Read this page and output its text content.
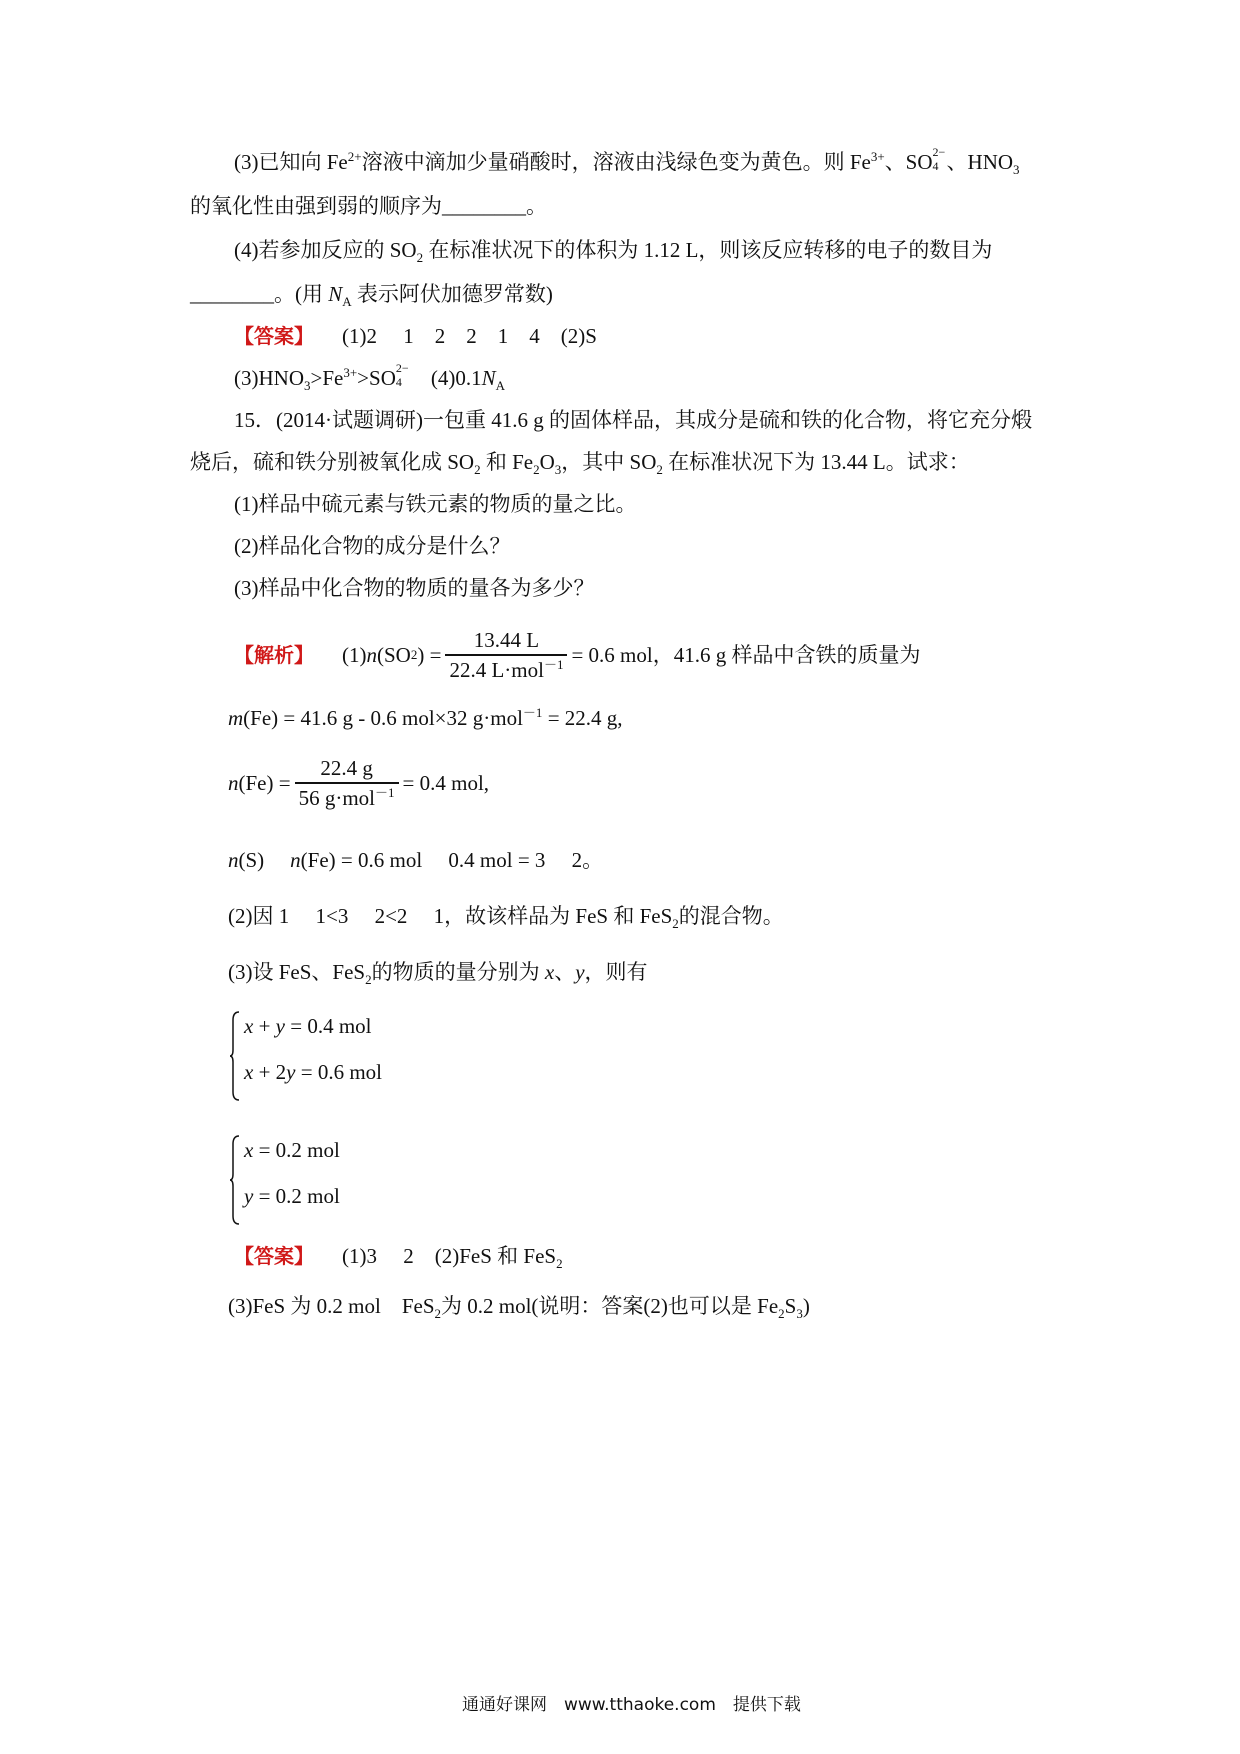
(3)已知向 $Fe^{2+}$溶液中滴加少量硝酸时，溶液由浅绿色变为黄色。则 $Fe^{3+}$、SO 2−
4 、$HNO_3$
的氧化性由强到弱的顺序为________。
(4)若参加反应的 $SO_2$ 在标准状况下的体积为 1.12 L，则该反应转移的电子的数目为
________。(用 $N_A$ 表示阿伏加德罗常数)
【答案】 (1)2　 1　2　2　1　4　(2)S
$(3)HNO_3>Fe^{3+}>SO$ 2−
4 　$(4)0.1N_A$
15．(2014·试题调研)一包重 41.6 g 的固体样品，其成分是硫和铁的化合物，将它充分煅
烧后，硫和铁分别被氧化成 $SO_2$ 和 $Fe_2O_3$，其中 $SO_2$ 在标准状况下为 13.44 L。试求：
(1)样品中硫元素与铁元素的物质的量之比。
(2)样品化合物的成分是什么？
(3)样品中化合物的物质的量各为多少？
【解析】 (1) n (SO 2 ) = $\frac{13.44 L}{22.4 L\cdot mol^{-1}} = 0.6$ mol，41.6 g 样品中含铁的质量为
m(Fe) = 41.6 g - 0.6 mol×32 g·mol$^{-1}$ = 22.4 g,
n $(Fe) = \frac{22.4 g}{56 g\cdot mol^{-1}} = 0.4$ mol,
n(S) n(Fe) = 0.6 mol　 0.4 mol = 3　 2。
(2)因 1　 1<3　 2<2　 1，故该样品为 FeS 和 FeS$_2$的混合物。
(3)设 FeS、FeS$_2$的物质的量分别为 x、y，则有
x + y = 0.4 mol
x + 2y = 0.6 mol
x = 0.2 mol
y = 0.2 mol
【答案】 (1)3　 2　(2)FeS 和 FeS$_2$
(3)FeS 为 0.2 mol　FeS$_2$为 0.2 mol(说明：答案(2)也可以是 $Fe_2S_3$)
通通好课网　www.tthaoke.com　提供下载
